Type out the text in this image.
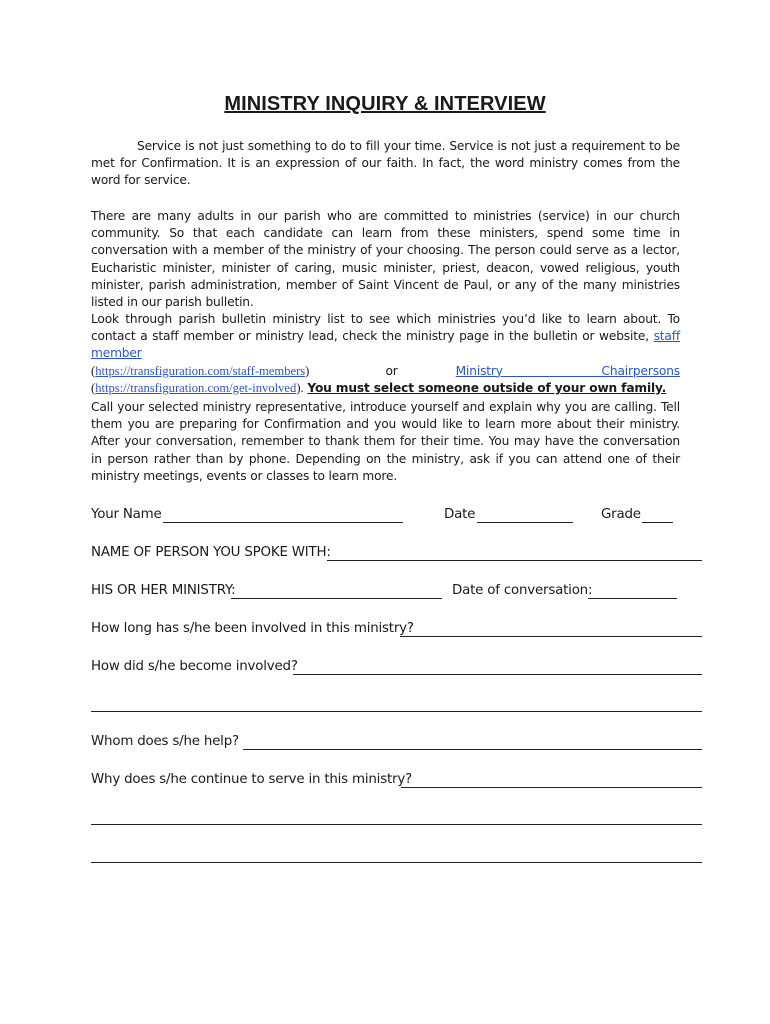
MINISTRY INQUIRY & INTERVIEW
Service is not just something to do to fill your time. Service is not just a requirement to be met for Confirmation. It is an expression of our faith. In fact, the word ministry comes from the word for service.
There are many adults in our parish who are committed to ministries (service) in our church community. So that each candidate can learn from these ministers, spend some time in conversation with a member of the ministry of your choosing. The person could serve as a lector, Eucharistic minister, minister of caring, music minister, priest, deacon, vowed religious, youth minister, parish administration, member of Saint Vincent de Paul, or any of the many ministries listed in our parish bulletin.
Look through parish bulletin ministry list to see which ministries you’d like to learn about. To contact a staff member or ministry lead, check the ministry page in the bulletin or website, staff member

(https://transfiguration.com/staff-members)	or	Ministry Chairpersons
(https://transfiguration.com/get-involved). You must select someone outside of your own family.
Call your selected ministry representative, introduce yourself and explain why you are calling. Tell them you are preparing for Confirmation and you would like to learn more about their ministry. After your conversation, remember to thank them for their time. You may have the conversation in person rather than by phone. Depending on the ministry, ask if you can attend one of their ministry meetings, events or classes to learn more.
Your Name	Date	Grade
NAME OF PERSON YOU SPOKE WITH:
HIS OR HER MINISTRY:	Date of conversation:
How long has s/he been involved in this ministry?
How did s/he become involved?
Whom does s/he help?
Why does s/he continue to serve in this ministry?
